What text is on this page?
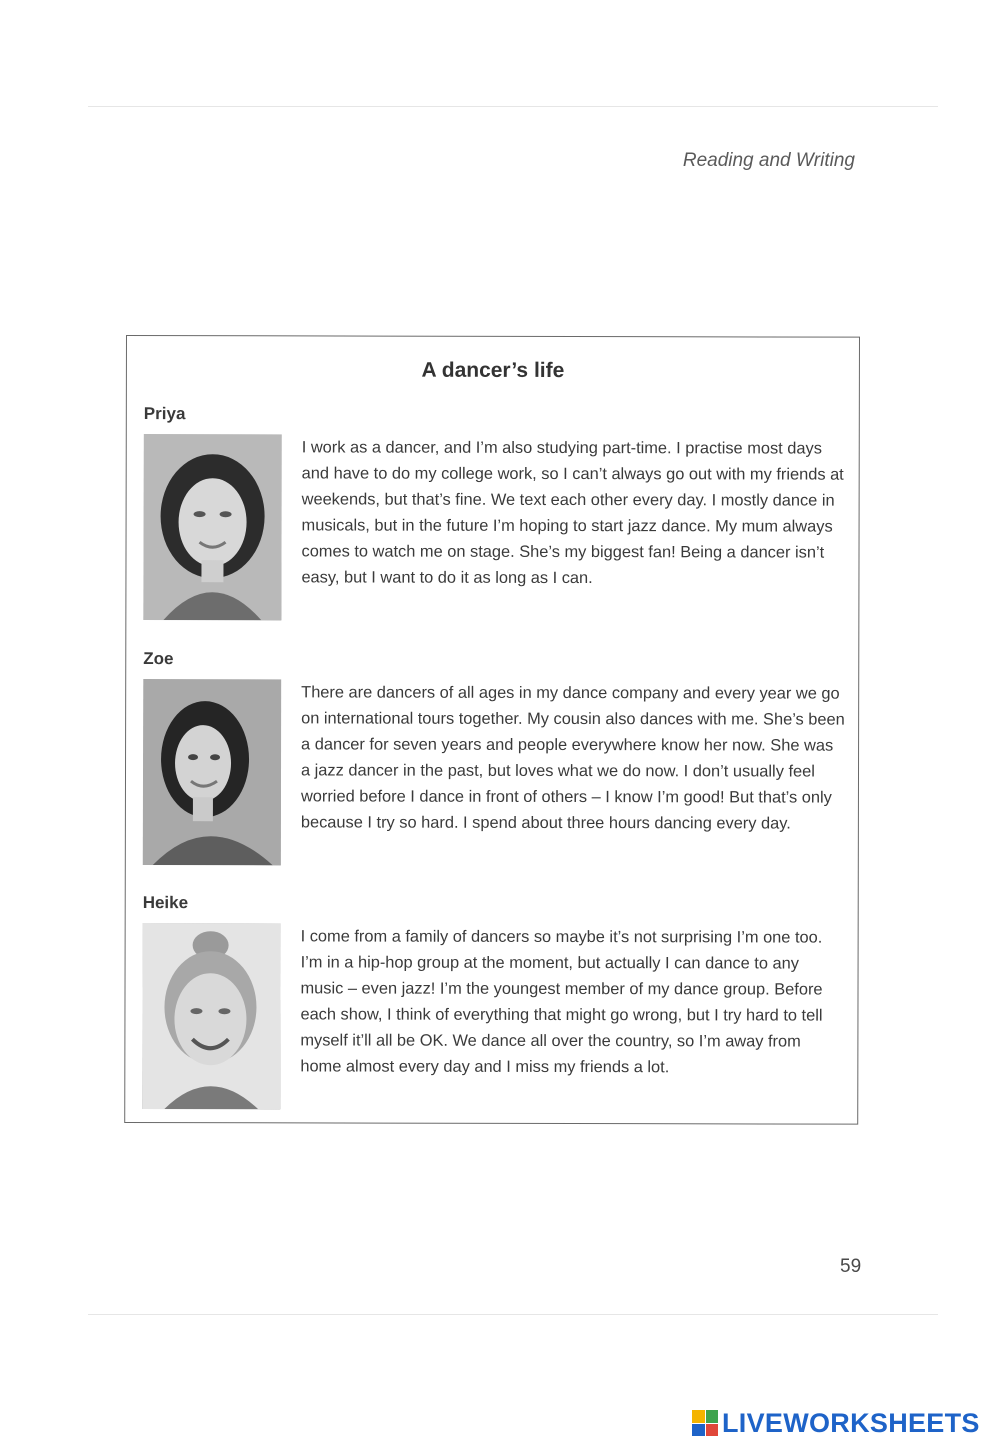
Reading and Writing
A dancer’s life
Priya

I work as a dancer, and I’m also studying part-time. I practise most days and have to do my college work, so I can’t always go out with my friends at weekends, but that’s fine. We text each other every day. I mostly dance in musicals, but in the future I’m hoping to start jazz dance. My mum always comes to watch me on stage. She’s my biggest fan! Being a dancer isn’t easy, but I want to do it as long as I can.

Zoe

There are dancers of all ages in my dance company and every year we go on international tours together. My cousin also dances with me. She’s been a dancer for seven years and people everywhere know her now. She was a jazz dancer in the past, but loves what we do now. I don’t usually feel worried before I dance in front of others – I know I’m good! But that’s only because I try so hard. I spend about three hours dancing every day.

Heike

I come from a family of dancers so maybe it’s not surprising I’m one too. I’m in a hip-hop group at the moment, but actually I can dance to any music – even jazz! I’m the youngest member of my dance group. Before each show, I think of everything that might go wrong, but I try hard to tell myself it’ll all be OK. We dance all over the country, so I’m away from home almost every day and I miss my friends a lot.

59
LIVEWORKSHEETS
